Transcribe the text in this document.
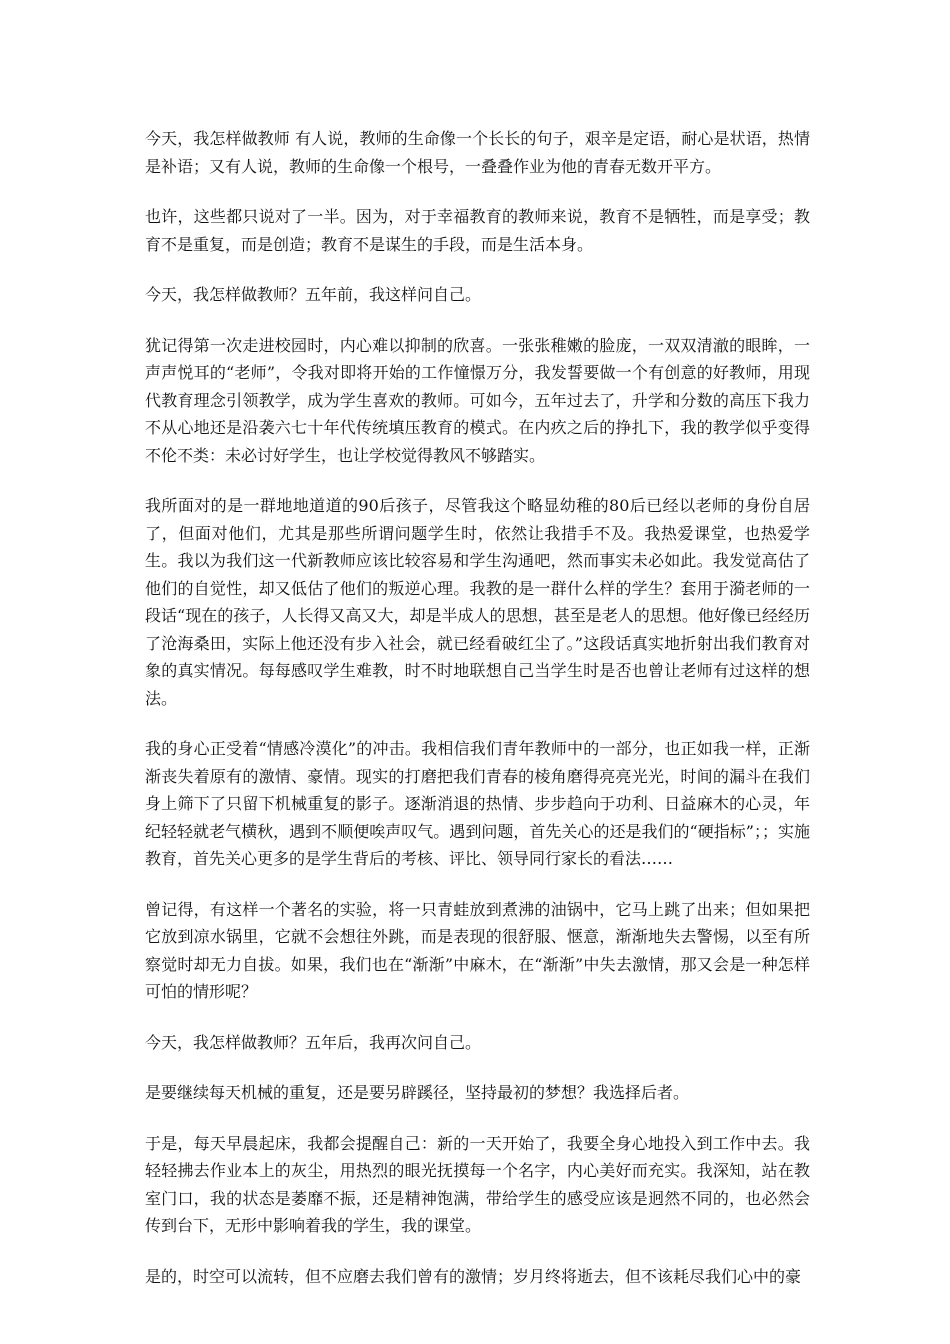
今天，我怎样做教师 有人说，教师的生命像一个长长的句子，艰辛是定语，耐心是状语，热情是补语；又有人说，教师的生命像一个根号，一叠叠作业为他的青春无数开平方。

也许，这些都只说对了一半。因为，对于幸福教育的教师来说，教育不是牺牲，而是享受；教育不是重复，而是创造；教育不是谋生的手段，而是生活本身。

今天，我怎样做教师？五年前，我这样问自己。

犹记得第一次走进校园时，内心难以抑制的欣喜。一张张稚嫩的脸庞，一双双清澈的眼眸，一声声悦耳的“老师”，令我对即将开始的工作憧憬万分，我发誓要做一个有创意的好教师，用现代教育理念引领教学，成为学生喜欢的教师。可如今，五年过去了，升学和分数的高压下我力不从心地还是沿袭六七十年代传统填压教育的模式。在内疚之后的挣扎下，我的教学似乎变得不伦不类：未必讨好学生，也让学校觉得教风不够踏实。

我所面对的是一群地地道道的90后孩子，尽管我这个略显幼稚的80后已经以老师的身份自居了，但面对他们，尤其是那些所谓问题学生时，依然让我措手不及。我热爱课堂，也热爱学生。我以为我们这一代新教师应该比较容易和学生沟通吧，然而事实未必如此。我发觉高估了他们的自觉性，却又低估了他们的叛逆心理。我教的是一群什么样的学生？套用于漪老师的一段话“现在的孩子，人长得又高又大，却是半成人的思想，甚至是老人的思想。他好像已经经历了沧海桑田，实际上他还没有步入社会，就已经看破红尘了。”这段话真实地折射出我们教育对象的真实情况。每每感叹学生难教，时不时地联想自己当学生时是否也曾让老师有过这样的想法。

我的身心正受着“情感冷漠化”的冲击。我相信我们青年教师中的一部分，也正如我一样，正渐渐丧失着原有的激情、豪情。现实的打磨把我们青春的棱角磨得亮亮光光，时间的漏斗在我们身上筛下了只留下机械重复的影子。逐渐消退的热情、步步趋向于功利、日益麻木的心灵，年纪轻轻就老气横秋，遇到不顺便唉声叹气。遇到问题，首先关心的还是我们的“硬指标”；；实施教育，首先关心更多的是学生背后的考核、评比、领导同行家长的看法……

曾记得，有这样一个著名的实验，将一只青蛙放到煮沸的油锅中，它马上跳了出来；但如果把它放到凉水锅里，它就不会想往外跳，而是表现的很舒服、惬意，渐渐地失去警惕，以至有所察觉时却无力自拔。如果，我们也在“渐渐”中麻木，在“渐渐”中失去激情，那又会是一种怎样可怕的情形呢？

今天，我怎样做教师？五年后，我再次问自己。

是要继续每天机械的重复，还是要另辟蹊径，坚持最初的梦想？我选择后者。

于是，每天早晨起床，我都会提醒自己：新的一天开始了，我要全身心地投入到工作中去。我轻轻拂去作业本上的灰尘，用热烈的眼光抚摸每一个名字，内心美好而充实。我深知，站在教室门口，我的状态是萎靡不振，还是精神饱满，带给学生的感受应该是迥然不同的，也必然会传到台下，无形中影响着我的学生，我的课堂。

是的，时空可以流转，但不应磨去我们曾有的激情；岁月终将逝去，但不该耗尽我们心中的豪
